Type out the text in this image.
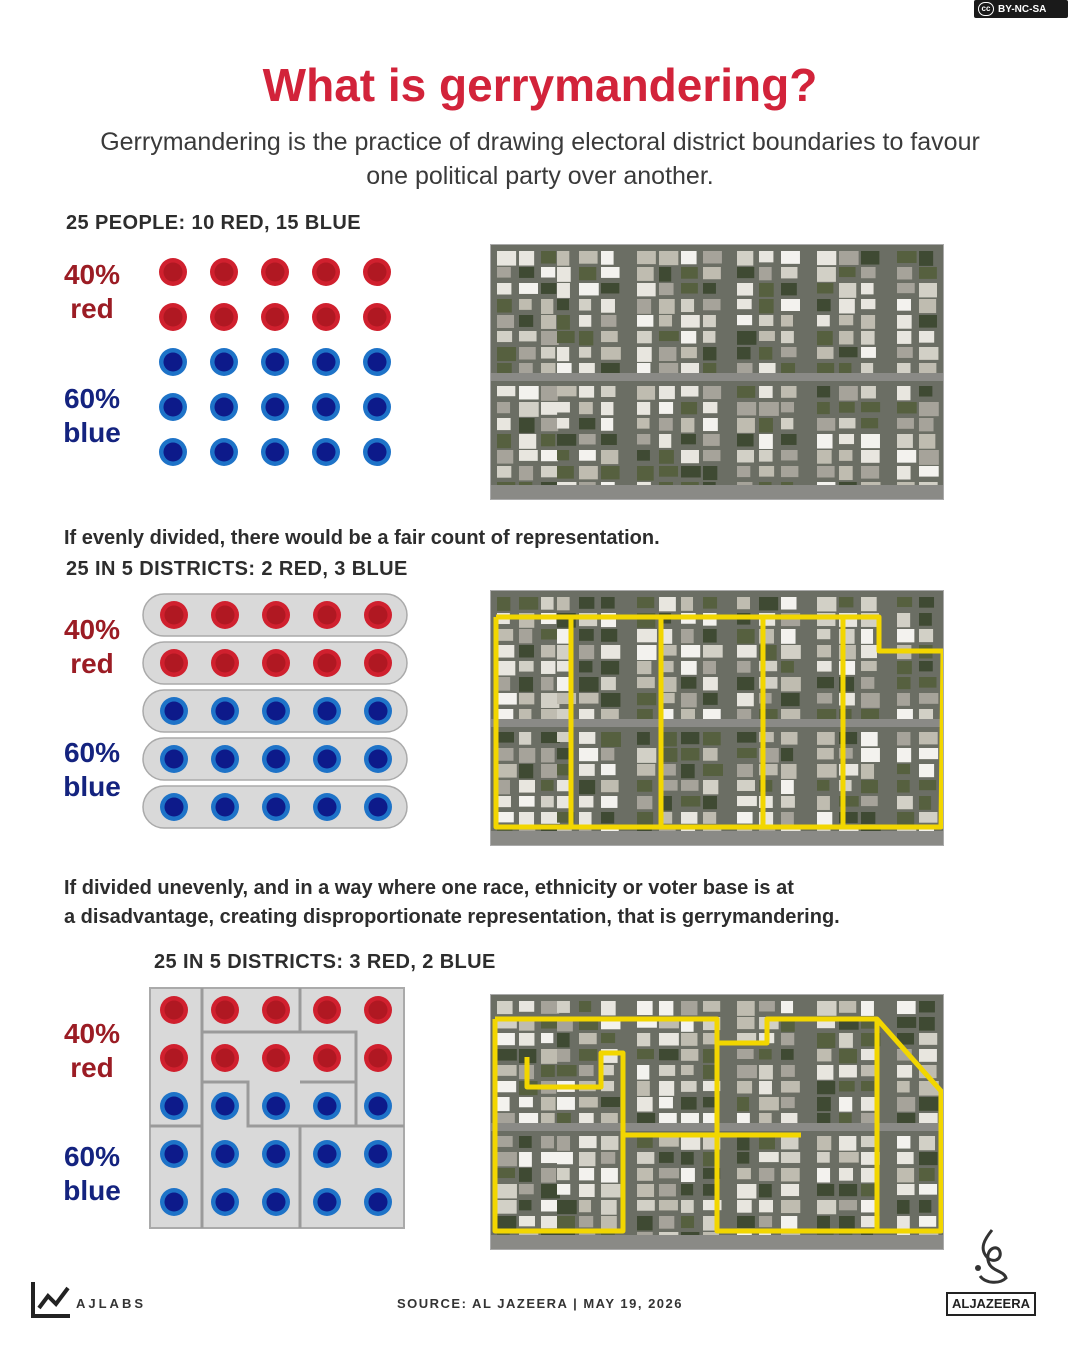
cc BY-NC-SA
What is gerrymandering?
Gerrymandering is the practice of drawing electoral district boundaries to favour one political party over another.
25 PEOPLE: 10 RED, 15 BLUE
40%
red
60%
blue
If evenly divided, there would be a fair count of representation.
25 IN 5 DISTRICTS: 2 RED, 3 BLUE
40%
red
60%
blue
If divided unevenly, and in a way where one race, ethnicity or voter base is at
a disadvantage, creating disproportionate representation, that is gerrymandering.
25 IN 5 DISTRICTS: 3 RED, 2 BLUE
40%
red
60%
blue
AJLABS	SOURCE: AL JAZEERA | MAY 19, 2026	ALJAZEERA
